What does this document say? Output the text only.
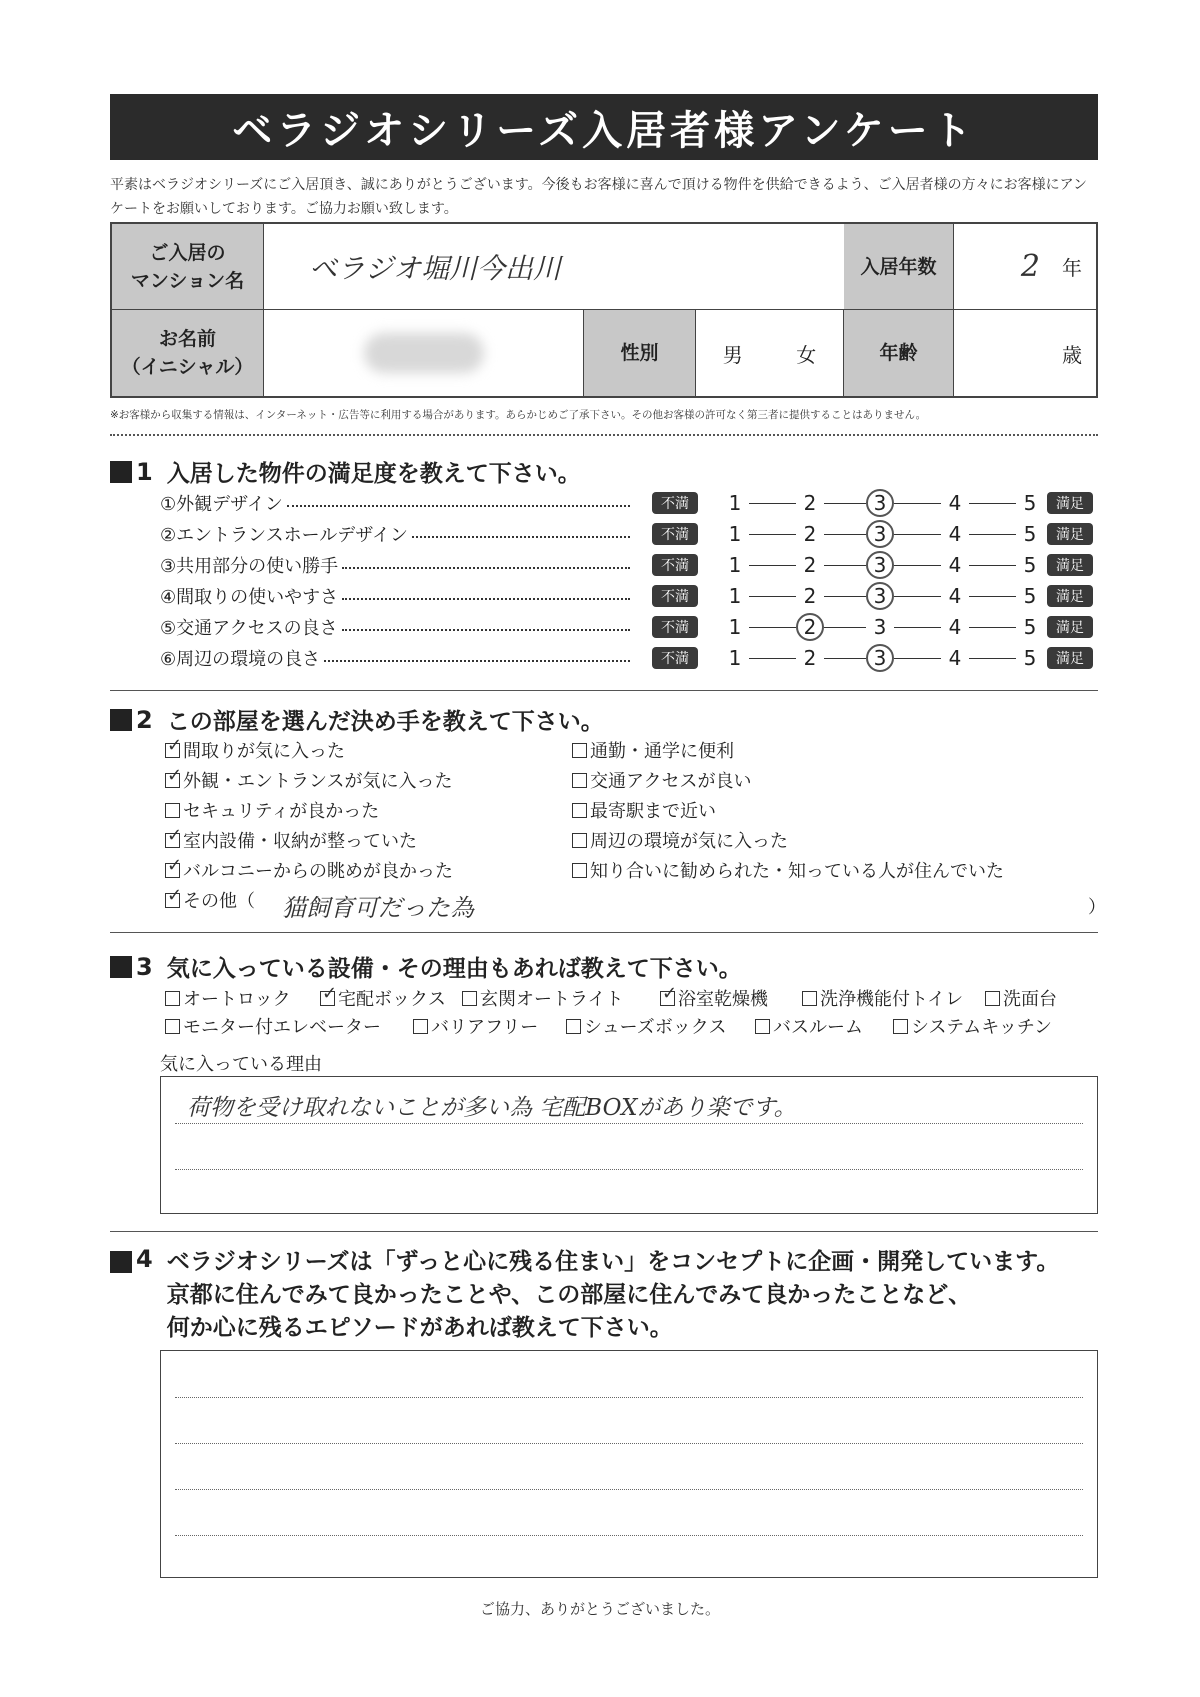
ベラジオシリーズ入居者様アンケート
平素はベラジオシリーズにご入居頂き、誠にありがとうございます。今後もお客様に喜んで頂ける物件を供給できるよう、ご入居者様の方々にお客様にアンケートをお願いしております。ご協力お願い致します。
ご入居の
マンション名 ベラジオ堀川今出川	入居年数	2 年
お名前
（イニシャル）
性別	男	女	年齢	歳
※お客様から収集する情報は、インターネット・広告等に利用する場合があります。あらかじめご了承下さい。その他お客様の許可なく第三者に提供することはありません。
1 入居した物件の満足度を教えて下さい。
①外観デザイン	不満	1	2	3	4	5	満足
②エントランスホールデザイン	不満	1	2	3	4	5	満足
③共用部分の使い勝手	不満	1	2	3	4	5	満足
④間取りの使いやすさ	不満	1	2	3	4	5	満足
⑤交通アクセスの良さ	不満	1	2	3	4	5	満足
⑥周辺の環境の良さ	不満	1	2	3	4	5	満足
2 この部屋を選んだ決め手を教えて下さい。
✓
間取りが気に入った
✓
外観・エントランスが気に入った
セキュリティが良かった
✓
室内設備・収納が整っていた
✓
バルコニーからの眺めが良かった
✓
その他（
通勤・通学に便利
交通アクセスが良い
最寄駅まで近い
周辺の環境が気に入った
知り合いに勧められた・知っている人が住んでいた
猫飼育可だった為	）
3 気に入っている設備・その理由もあれば教えて下さい。
オートロック ✓	宅配ボックス 玄関オートライト ✓	浴室乾燥機	洗浄機能付トイレ 洗面台
モニター付エレベーター	バリアフリー	シューズボックス	バスルーム	システムキッチン
気に入っている理由
荷物を受け取れないことが多い為 宅配BOXがあり楽です。
4 ベラジオシリーズは「ずっと心に残る住まい」をコンセプトに企画・開発しています。
京都に住んでみて良かったことや、この部屋に住んでみて良かったことなど、
何か心に残るエピソードがあれば教えて下さい。
ご協力、ありがとうございました。
